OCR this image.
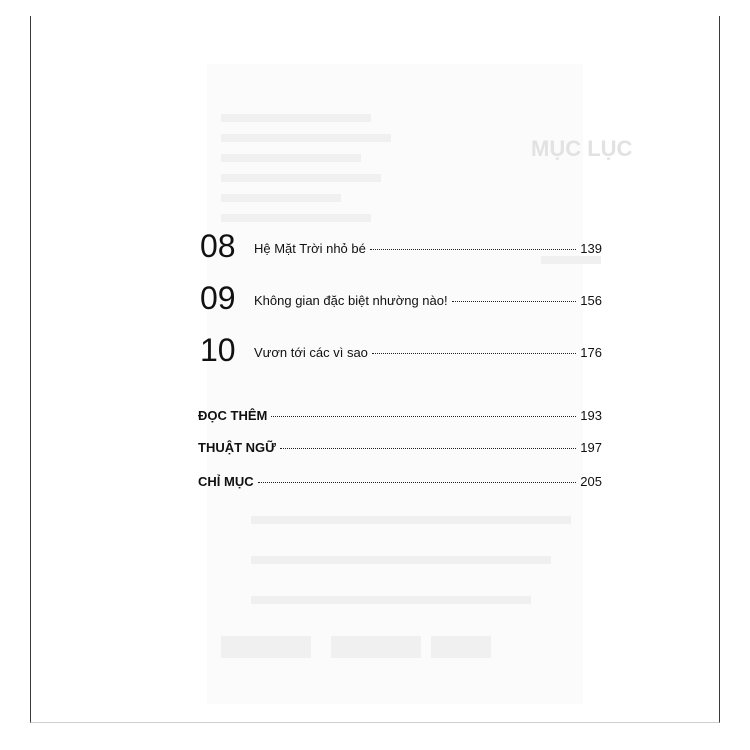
MỤC LỤC
08 Hệ Mặt Trời nhỏ bé	139
09 Không gian đặc biệt nhường nào!	156
10 Vươn tới các vì sao	176
ĐỌC THÊM	193
THUẬT NGỮ	197
CHỈ MỤC	205
